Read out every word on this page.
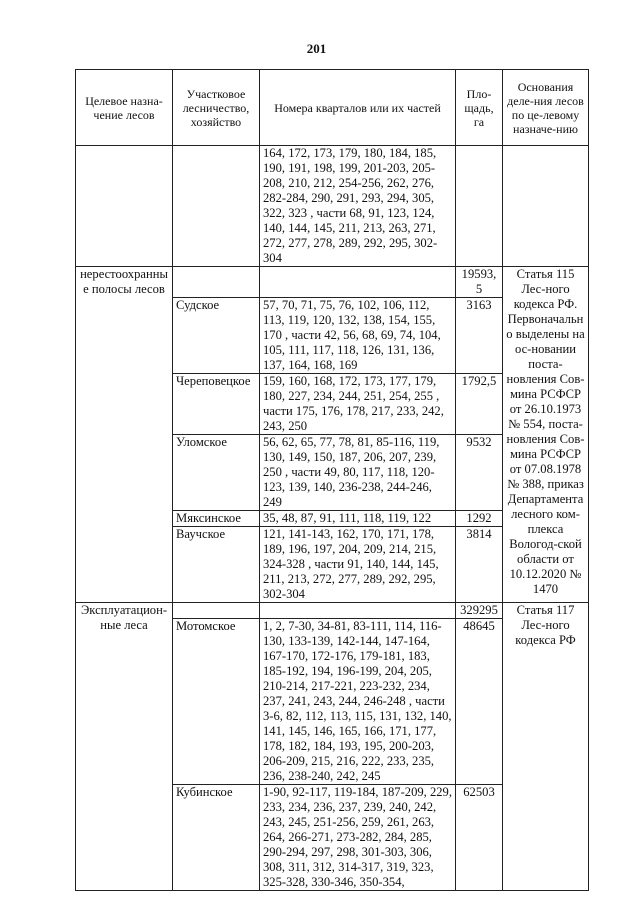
201
Целевое назна-чение лесов	Участковое лесничество, хозяйство	Номера кварталов или их частей	Пло-щадь, га	Основания деле-ния лесов по це-левому назначе-нию
		164, 172, 173, 179, 180, 184, 185, 190, 191, 198, 199, 201-203, 205-208, 210, 212, 254-256, 262, 276, 282-284, 290, 291, 293, 294, 305, 322, 323 , части 68, 91, 123, 124, 140, 144, 145, 211, 213, 263, 271, 272, 277, 278, 289, 292, 295, 302-304		
нерестоохранные полосы лесов			19593,5	Статья 115 Лес-ного кодекса РФ. Первоначально выделены на ос-новании поста-новления Сов-мина РСФСР от 26.10.1973 № 554, поста-новления Сов-мина РСФСР от 07.08.1978 № 388, приказ Департамента лесного ком-плекса Вологод-ской области от 10.12.2020 № 1470
	Судское	57, 70, 71, 75, 76, 102, 106, 112, 113, 119, 120, 132, 138, 154, 155, 170 , части 42, 56, 68, 69, 74, 104, 105, 111, 117, 118, 126, 131, 136, 137, 164, 168, 169	3163	
	Череповецкое	159, 160, 168, 172, 173, 177, 179, 180, 227, 234, 244, 251, 254, 255 , части 175, 176, 178, 217, 233, 242, 243, 250	1792,5	
	Уломское	56, 62, 65, 77, 78, 81, 85-116, 119, 130, 149, 150, 187, 206, 207, 239, 250 , части 49, 80, 117, 118, 120-123, 139, 140, 236-238, 244-246, 249	9532	
	Мяксинское	35, 48, 87, 91, 111, 118, 119, 122	1292	
	Ваучское	121, 141-143, 162, 170, 171, 178, 189, 196, 197, 204, 209, 214, 215, 324-328 , части 91, 140, 144, 145, 211, 213, 272, 277, 289, 292, 295, 302-304	3814	
Эксплуатацион-ные леса			329295	Статья 117 Лес-ного кодекса РФ
	Мотомское	1, 2, 7-30, 34-81, 83-111, 114, 116-130, 133-139, 142-144, 147-164, 167-170, 172-176, 179-181, 183, 185-192, 194, 196-199, 204, 205, 210-214, 217-221, 223-232, 234, 237, 241, 243, 244, 246-248 , части 3-6, 82, 112, 113, 115, 131, 132, 140, 141, 145, 146, 165, 166, 171, 177, 178, 182, 184, 193, 195, 200-203, 206-209, 215, 216, 222, 233, 235, 236, 238-240, 242, 245	48645	
	Кубинское	1-90, 92-117, 119-184, 187-209, 229, 233, 234, 236, 237, 239, 240, 242, 243, 245, 251-256, 259, 261, 263, 264, 266-271, 273-282, 284, 285, 290-294, 297, 298, 301-303, 306, 308, 311, 312, 314-317, 319, 323, 325-328, 330-346, 350-354,	62503	
